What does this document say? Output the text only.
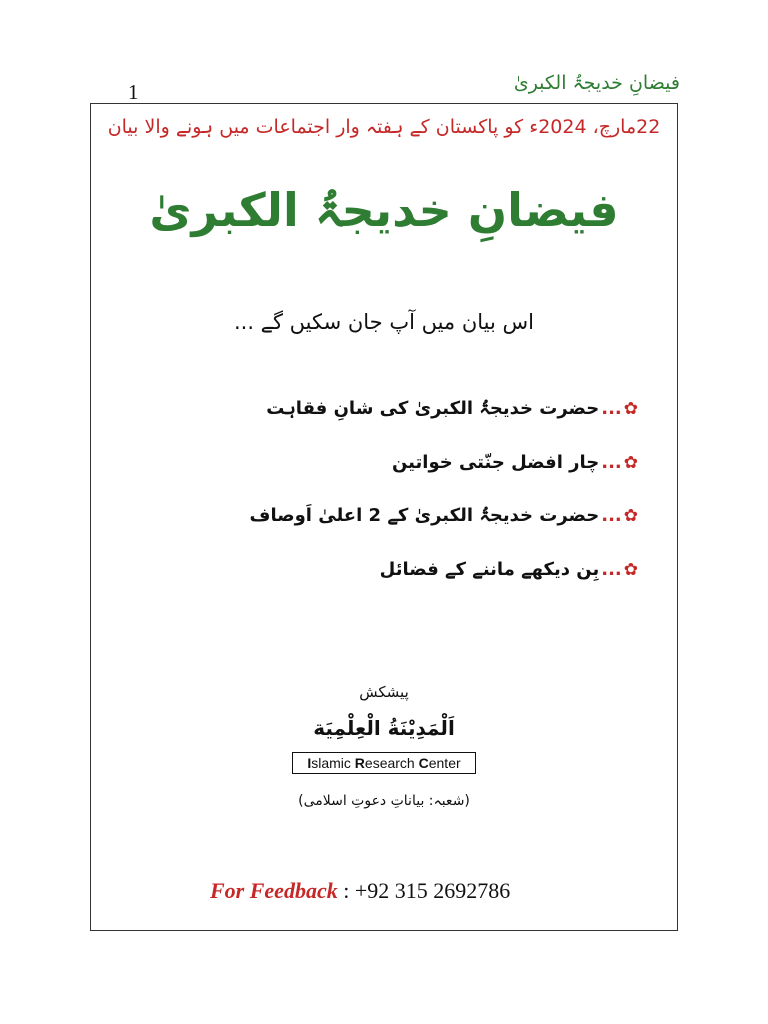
فیضانِ خدیجۃُ الکبریٰ
1
22مارچ، 2024ء کو پاکستان کے ہفتہ وار اجتماعات میں ہونے والا بیان
فیضانِ خدیجۃُ الکبریٰ
اس بیان میں آپ جان سکیں گے ...
✿
...
حضرت خدیجۃُ الکبریٰ کی شانِ فقاہت
✿
...
چار افضل جنّتی خواتین
✿
...
حضرت خدیجۃُ الکبریٰ کے 2 اعلیٰ اَوصاف
✿
...
بِن دیکھے ماننے کے فضائل
پیشکش
اَلْمَدِيْنَةُ الْعِلْمِيَة
Islamic Research Center
(شعبہ: بیاناتِ دعوتِ اسلامی)
For Feedback : +92 315 2692786
